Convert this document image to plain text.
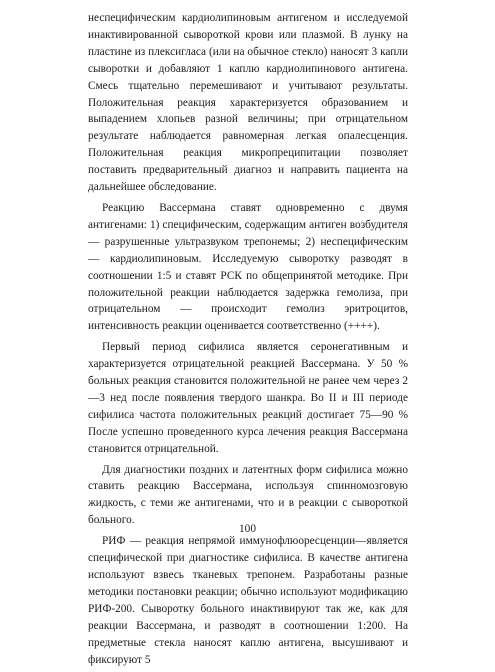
неспецифическим кардиолипиновым антигеном и исследуемой инактивированной сывороткой крови или плазмой. В лунку на пластине из плексигласа (или на обычное стекло) наносят 3 капли сыворотки и добавляют 1 каплю кардиолипинового антигена. Смесь тщательно перемешивают и учитывают результаты. Положительная реакция характеризуется образованием и выпадением хлопьев разной величины; при отрицательном результате наблюдается равномерная легкая опалесценция. Положительная реакция микропреципитации позволяет поставить предварительный диагноз и направить пациента на дальнейшее обследование.

Реакцию Вассермана ставят одновременно с двумя антигенами: 1) специфическим, содержащим антиген возбудителя— разрушенные ультразвуком трепонемы; 2) неспецифическим — кардиолипиновым. Исследуемую сыворотку разводят в соотношении 1:5 и ставят РСК по общепринятой методике. При положительной реакции наблюдается задержка гемолиза, при отрицательном — происходит гемолиз эритроцитов, интенсивность реакции оценивается соответственно (++++).

Первый период сифилиса является серонегативным и характеризуется отрицательной реакцией Вассермана. У 50 % больных реакция становится положительной не ранее чем через 2—3 нед после появления твердого шанкра. Во II и III периоде сифилиса частота положительных реакций достигает 75—90 % После успешно проведенного курса лечения реакция Вассермана становится отрицательной.

Для диагностики поздних и латентных форм сифилиса можно ставить реакцию Вассермана, используя спинномозговую жидкость, с теми же антигенами, что и в реакции с сывороткой больного.

РИФ — реакция непрямой иммунофлюоресценции—является специфической при диагностике сифилиса. В качестве антигена используют взвесь тканевых трепонем. Разработаны разные методики постановки реакции; обычно используют модификацию РИФ-200. Сыворотку больного инактивируют так же, как для реакции Вассермана, и разводят в соотношении 1:200. На предметные стекла наносят каплю антигена, высушивают и фиксируют 5

100
